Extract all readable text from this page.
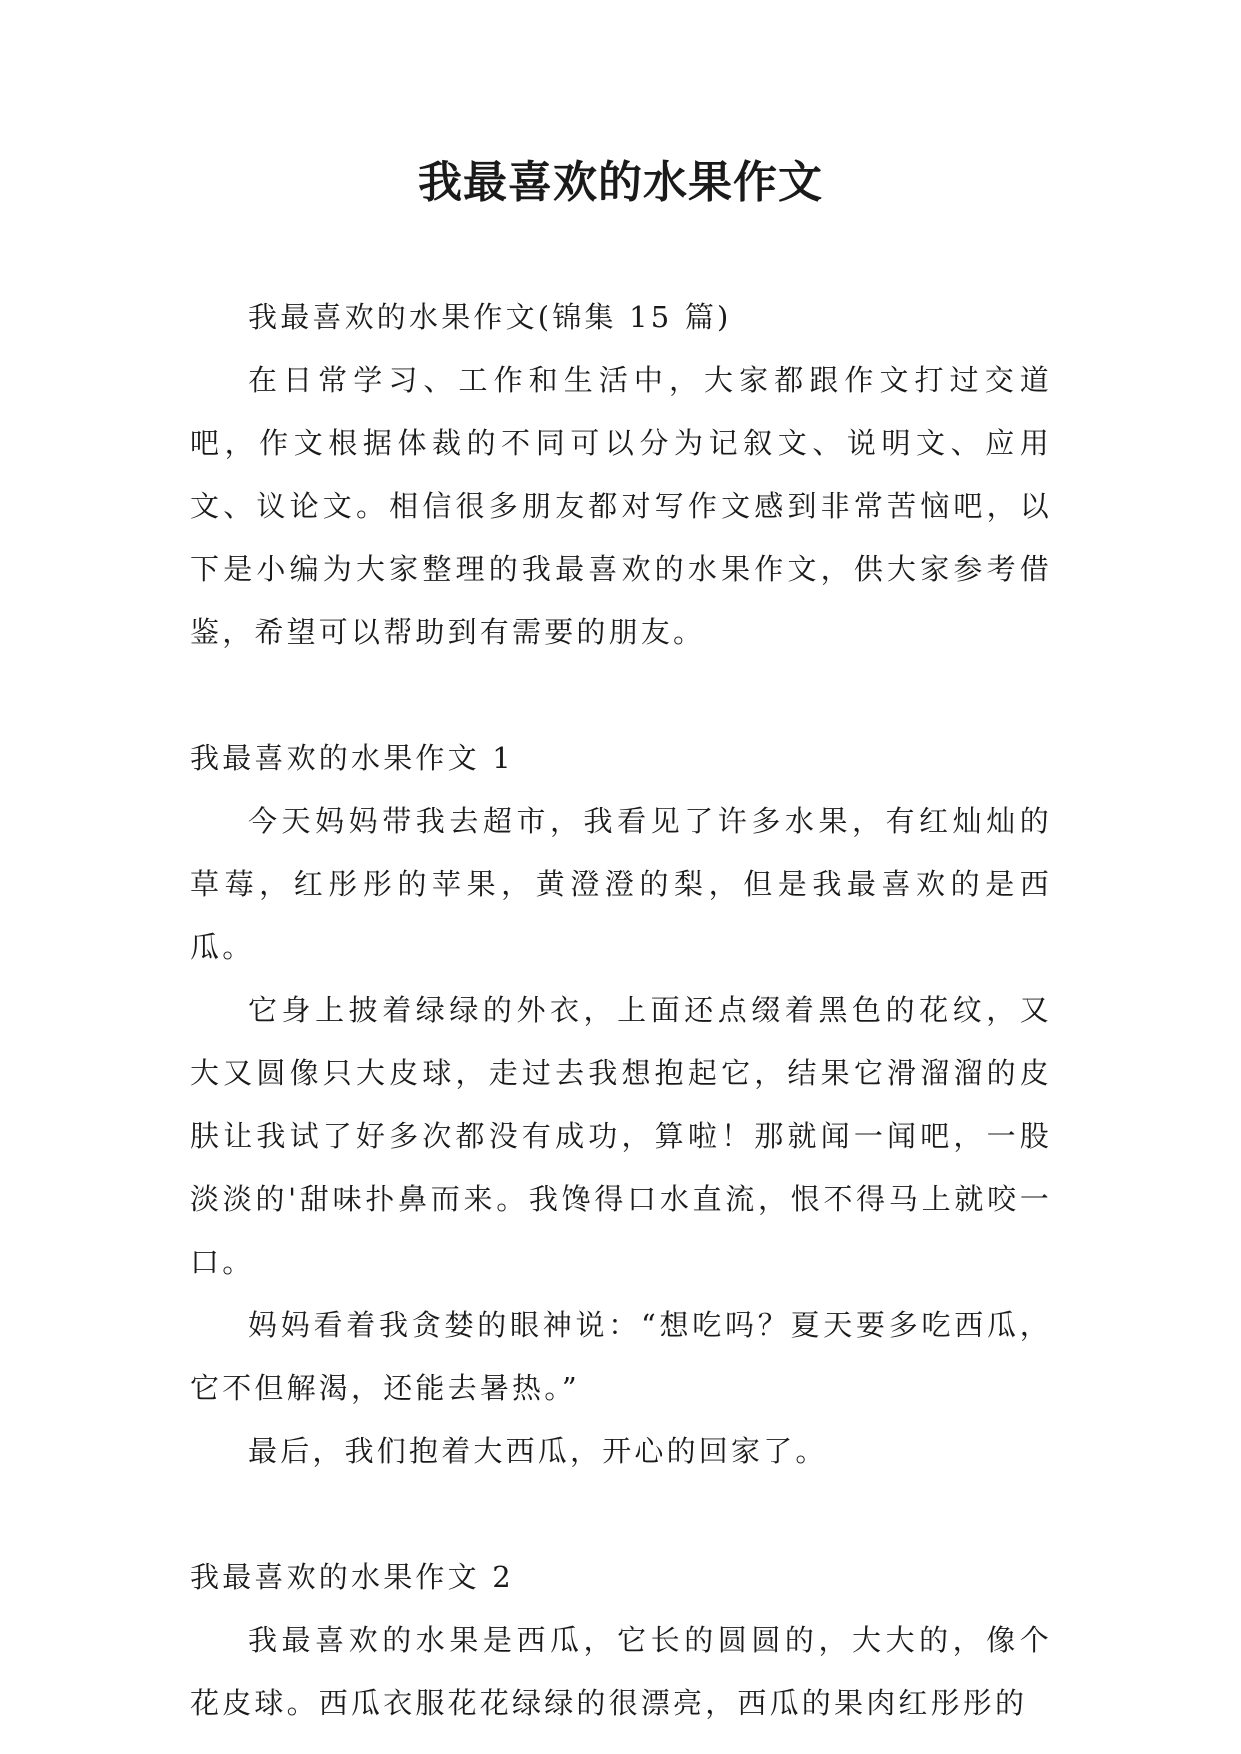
我最喜欢的水果作文

我最喜欢的水果作文(锦集 15 篇)

在日常学习、工作和生活中，大家都跟作文打过交道吧，作文根据体裁的不同可以分为记叙文、说明文、应用文、议论文。相信很多朋友都对写作文感到非常苦恼吧，以下是小编为大家整理的我最喜欢的水果作文，供大家参考借鉴，希望可以帮助到有需要的朋友。

我最喜欢的水果作文 1

今天妈妈带我去超市，我看见了许多水果，有红灿灿的草莓，红彤彤的苹果，黄澄澄的梨，但是我最喜欢的是西瓜。

它身上披着绿绿的外衣，上面还点缀着黑色的花纹，又大又圆像只大皮球，走过去我想抱起它，结果它滑溜溜的皮肤让我试了好多次都没有成功，算啦！那就闻一闻吧，一股淡淡的'甜味扑鼻而来。我馋得口水直流，恨不得马上就咬一口。

妈妈看着我贪婪的眼神说：“想吃吗？夏天要多吃西瓜，它不但解渴，还能去暑热。”

最后，我们抱着大西瓜，开心的回家了。

我最喜欢的水果作文 2

我最喜欢的水果是西瓜，它长的圆圆的，大大的，像个花皮球。西瓜衣服花花绿绿的很漂亮，西瓜的果肉红彤彤的
